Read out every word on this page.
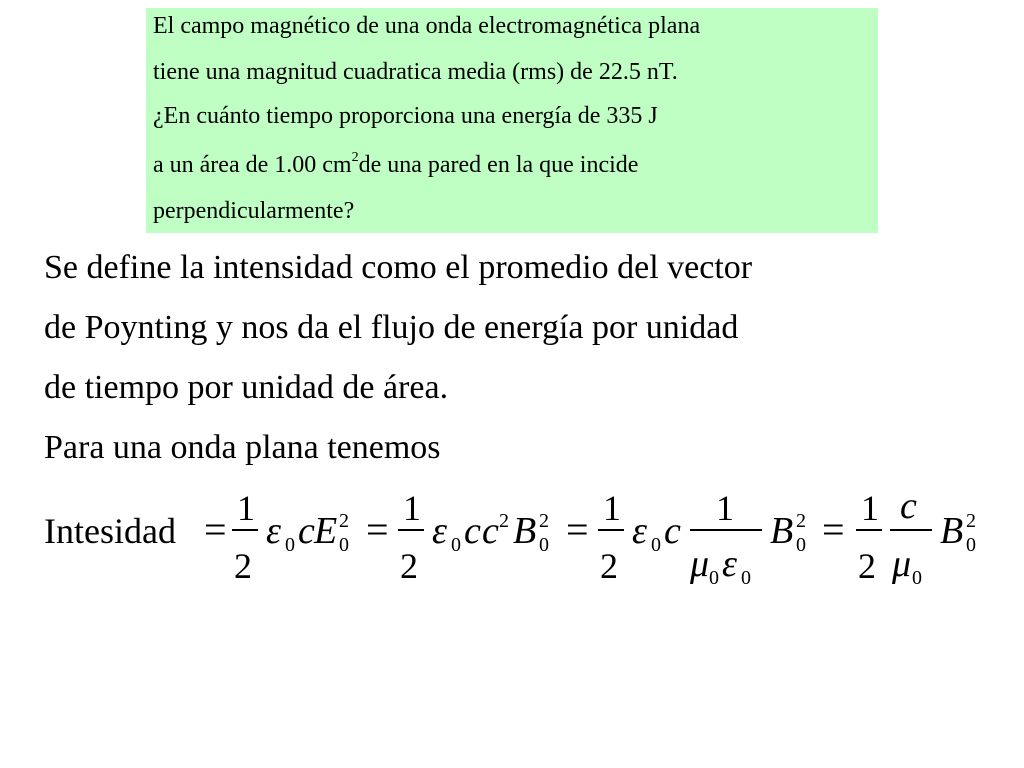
El campo magnético de una onda electromagnética plana
tiene una magnitud cuadratica media (rms) de 22.5 nT.
¿En cuánto tiempo proporciona una energía de 335 J
a un área de 1.00 $cm^2de$ una pared en la que incide
perpendicularmente?
Se define la intensidad como el promedio del vector
de Poynting y nos da el flujo de energía por unidad
de tiempo por unidad de área.
Para una onda plana tenemos
Intesidad = 1
2
ε 0 c E 2
0 = 1
2
ε 0 c c 2 B 2
0 = 1
2
ε 0 c
1
μ 0 ε 0
B 2
0 = 1
2
c
μ 0
B 2
0
